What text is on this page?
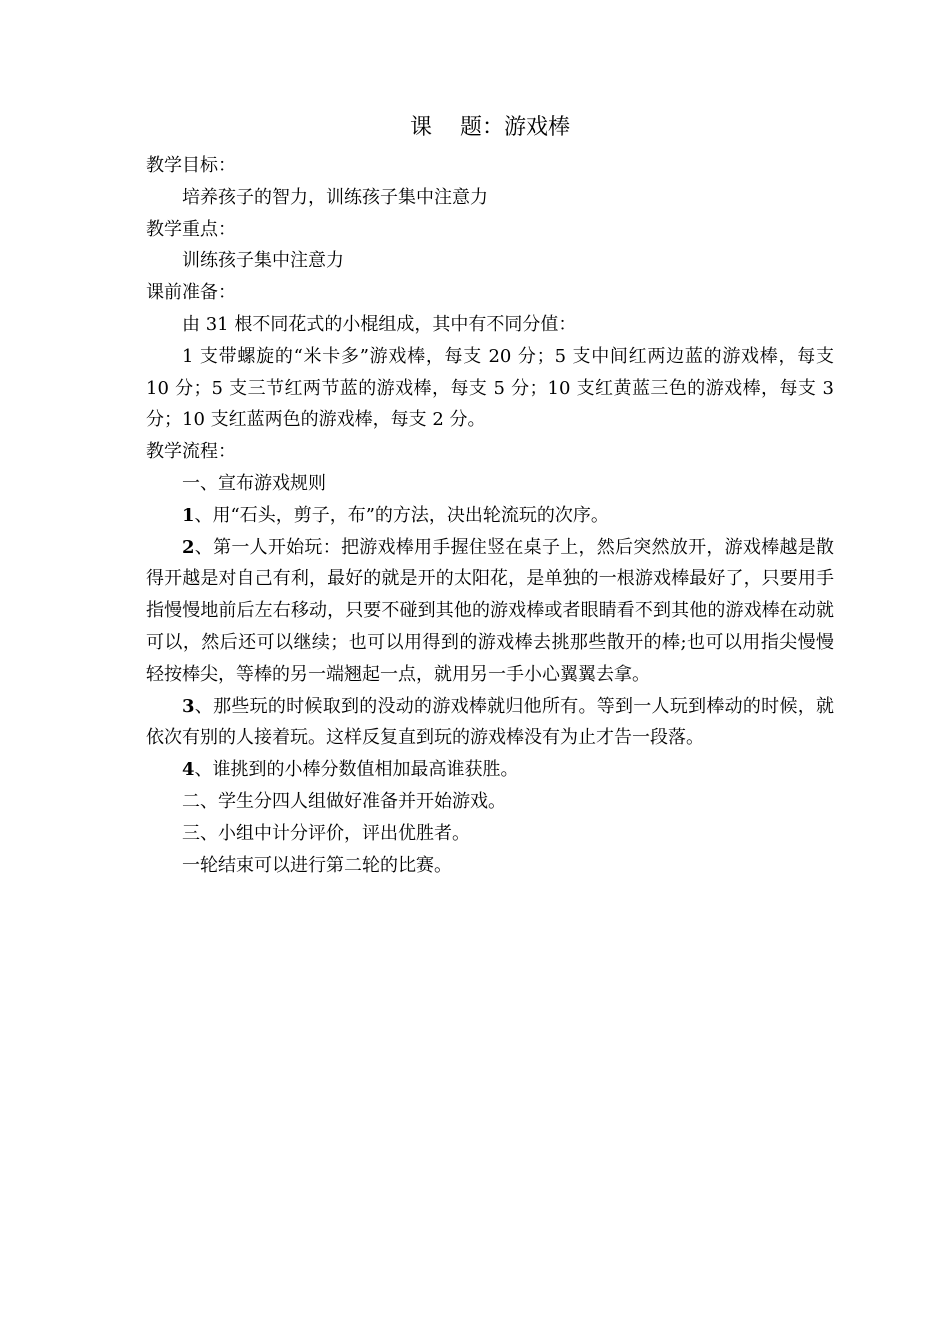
课 题：游戏棒

教学目标：

培养孩子的智力，训练孩子集中注意力

教学重点：

训练孩子集中注意力

课前准备：

由 31 根不同花式的小棍组成，其中有不同分值：

1 支带螺旋的“米卡多”游戏棒，每支 20 分；5 支中间红两边蓝的游戏棒，每支 10 分；5 支三节红两节蓝的游戏棒，每支 5 分；10 支红黄蓝三色的游戏棒，每支 3 分；10 支红蓝两色的游戏棒，每支 2 分。

教学流程：

一、宣布游戏规则

1、用“石头，剪子，布”的方法，决出轮流玩的次序。

2、第一人开始玩：把游戏棒用手握住竖在桌子上，然后突然放开，游戏棒越是散得开越是对自己有利，最好的就是开的太阳花，是单独的一根游戏棒最好了，只要用手指慢慢地前后左右移动，只要不碰到其他的游戏棒或者眼睛看不到其他的游戏棒在动就可以，然后还可以继续；也可以用得到的游戏棒去挑那些散开的棒;也可以用指尖慢慢轻按棒尖，等棒的另一端翘起一点，就用另一手小心翼翼去拿。

3、那些玩的时候取到的没动的游戏棒就归他所有。等到一人玩到棒动的时候，就依次有别的人接着玩。这样反复直到玩的游戏棒没有为止才告一段落。

4、谁挑到的小棒分数值相加最高谁获胜。

二、学生分四人组做好准备并开始游戏。

三、小组中计分评价，评出优胜者。

一轮结束可以进行第二轮的比赛。
